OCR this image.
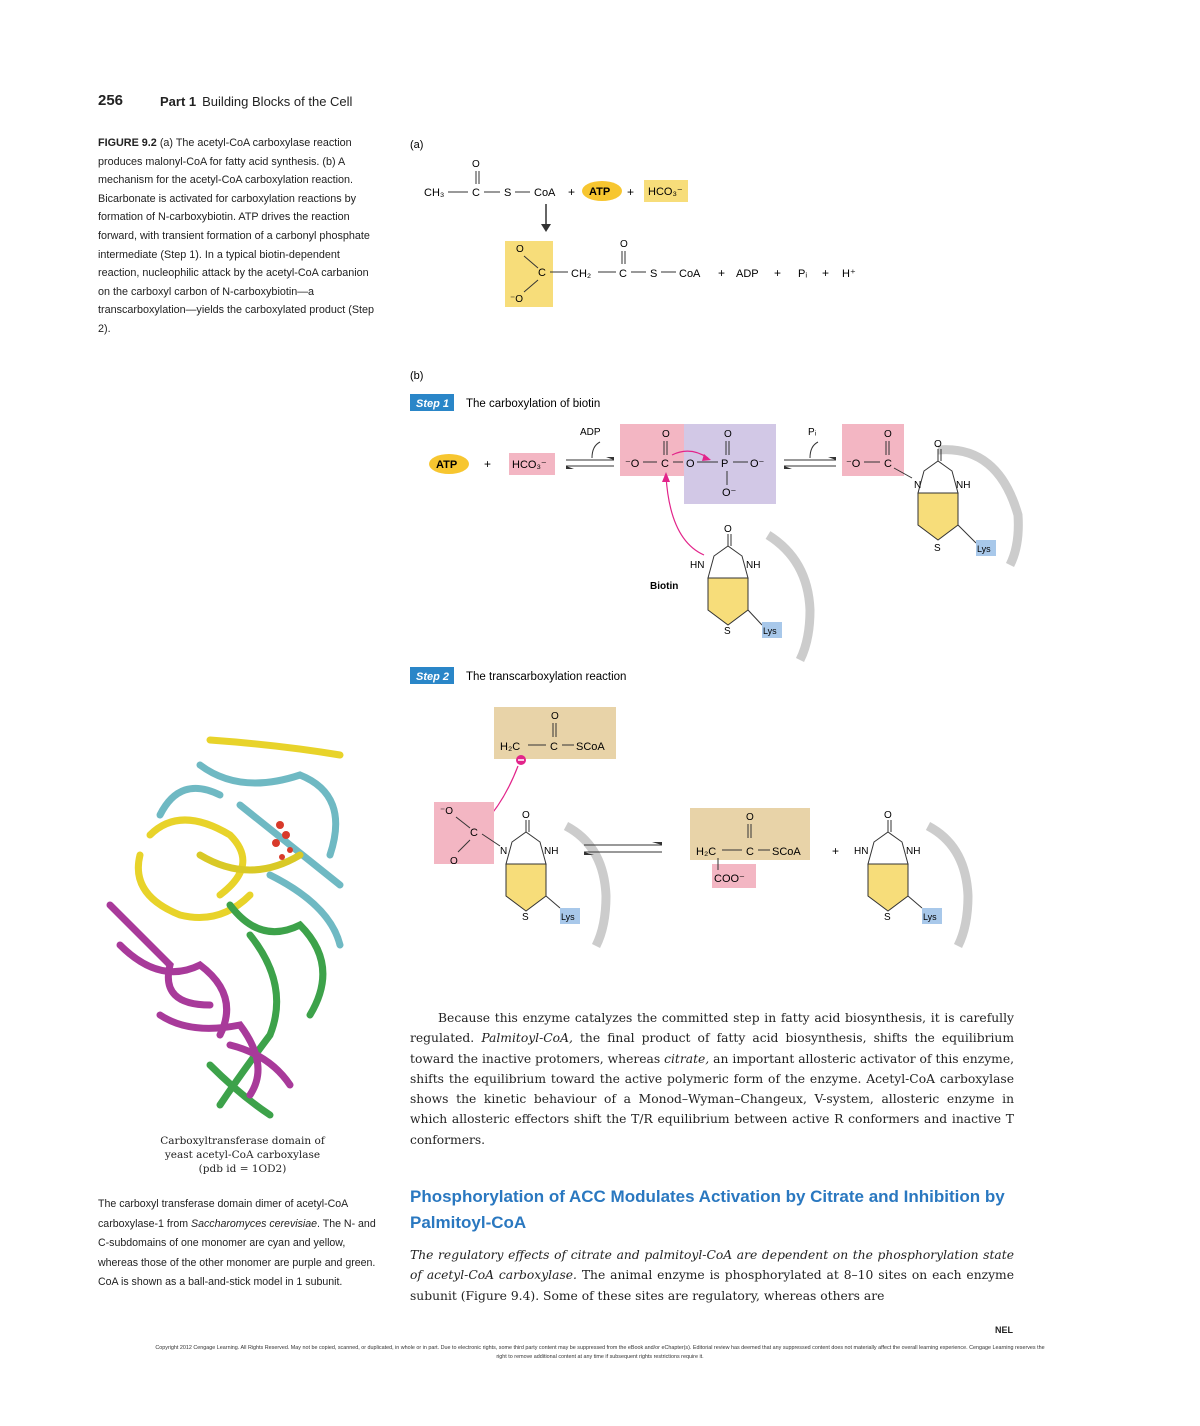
256	Part 1 Building Blocks of the Cell
FIGURE 9.2 (a) The acetyl-CoA carboxylase reaction produces malonyl-CoA for fatty acid synthesis. (b) A mechanism for the acetyl-CoA carboxylation reaction. Bicarbonate is activated for carboxylation reactions by formation of N-carboxybiotin. ATP drives the reaction forward, with transient formation of a carbonyl phosphate intermediate (Step 1). In a typical biotin-dependent reaction, nucleophilic attack by the acetyl-CoA carbanion on the carboxyl carbon of N-carboxybiotin—a transcarboxylation—yields the carboxylated product (Step 2).
(a)
O
CH₃	C S CoA + ATP + HCO₃⁻
O
C
⁻O
CH₂
O
C S CoA + ADP + Pᵢ + H⁺
(b)
Step 1 The carboxylation of biotin
ATP + HCO₃⁻
ADP	O	O
⁻O C O P O⁻
O⁻
Pᵢ	O
⁻O C
O
N	NH
S	Lys
O
HN	NH
S	Lys
Biotin
Step 2 The transcarboxylation reaction
O
H₂C	C SCoA
⁻O
C
O
O
N	NH
S	Lys
O
H₂C	C SCoA
COO⁻
+
O
HN	NH
S	Lys
Carboxyltransferase domain of
yeast acetyl-CoA carboxylase
(pdb id = 1OD2)
The carboxyl transferase domain dimer of acetyl-CoA carboxylase-1 from Saccharomyces cerevisiae. The N- and C-subdomains of one monomer are cyan and yellow, whereas those of the other monomer are purple and green. CoA is shown as a ball-and-stick model in 1 subunit.
Because this enzyme catalyzes the committed step in fatty acid biosynthesis, it is carefully regulated. Palmitoyl-CoA, the final product of fatty acid biosynthesis, shifts the equilibrium toward the inactive protomers, whereas citrate, an important allosteric activator of this enzyme, shifts the equilibrium toward the active polymeric form of the enzyme. Acetyl-CoA carboxylase shows the kinetic behaviour of a Monod–Wyman–Changeux, V-system, allosteric enzyme in which allosteric effectors shift the T/R equilibrium between active R conformers and inactive T conformers.
Phosphorylation of ACC Modulates Activation by Citrate and Inhibition by Palmitoyl-CoA
The regulatory effects of citrate and palmitoyl-CoA are dependent on the phosphorylation state of acetyl-CoA carboxylase. The animal enzyme is phosphorylated at 8–10 sites on each enzyme subunit (Figure 9.4). Some of these sites are regulatory, whereas others are
NEL
Copyright 2012 Cengage Learning. All Rights Reserved. May not be copied, scanned, or duplicated, in whole or in part. Due to electronic rights, some third party content may be suppressed from the eBook and/or eChapter(s). Editorial review has deemed that any suppressed content does not materially affect the overall learning experience. Cengage Learning reserves the right to remove additional content at any time if subsequent rights restrictions require it.
